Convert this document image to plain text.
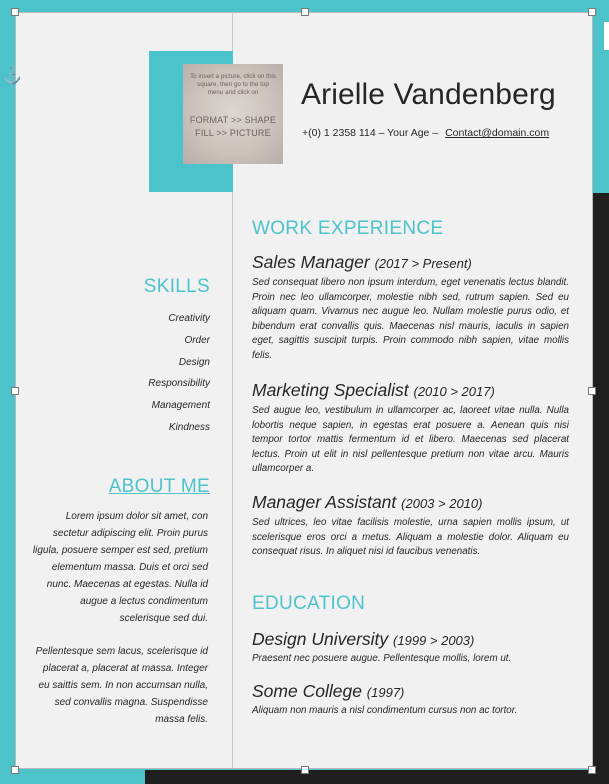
⚓	To insert a picture, click on this square, then go to the top menu and click on
FORMAT >> SHAPE FILL >> PICTURE
Arielle Vandenberg
+(0) 1 2358 114 – Your Age – Contact@domain.com
SKILLS
Creativity
Order
Design
Responsibility
Management
Kindness
ABOUT ME
Lorem ipsum dolor sit amet, con sectetur adipiscing elit. Proin purus ligula, posuere semper est sed, pretium elementum massa. Duis et orci sed nunc. Maecenas at egestas. Nulla id augue a lectus condimentum scelerisque sed dui.
Pellentesque sem lacus, scelerisque id placerat a, placerat at massa. Integer eu saittis sem. In non accumsan nulla, sed convallis magna. Suspendisse massa felis.
WORK EXPERIENCE
Sales Manager (2017 > Present)
Sed consequat libero non ipsum interdum, eget venenatis lectus blandit. Proin nec leo ullamcorper, molestie nibh sed, rutrum sapien. Sed eu aliquam quam. Vivamus nec augue leo. Nullam molestie purus odio, et bibendum erat convallis quis. Maecenas nisl mauris, iaculis in sapien eget, sagittis suscipit turpis. Proin commodo nibh sapien, vitae mollis felis.
Marketing Specialist (2010 > 2017)
Sed augue leo, vestibulum in ullamcorper ac, laoreet vitae nulla. Nulla lobortis neque sapien, in egestas erat posuere a. Aenean quis nisi tempor tortor mattis fermentum id et libero. Maecenas sed placerat lectus. Proin ut elit in nisl pellentesque pretium non vitae arcu. Mauris ullamcorper a.
Manager Assistant (2003 > 2010)
Sed ultrices, leo vitae facilisis molestie, urna sapien mollis ipsum, ut scelerisque eros orci a metus. Aliquam a molestie dolor. Aliquam eu consequat risus. In aliquet nisi id faucibus venenatis.
EDUCATION
Design University (1999 > 2003)
Praesent nec posuere augue. Pellentesque mollis, lorem ut.
Some College (1997)
Aliquam non mauris a nisl condimentum cursus non ac tortor.
